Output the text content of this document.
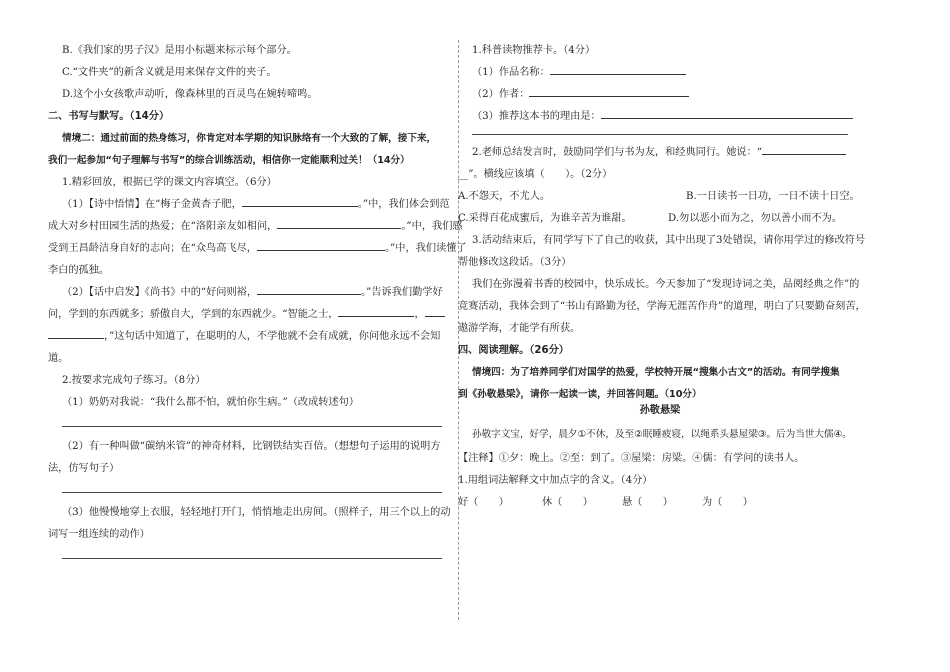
B.《我们家的男子汉》是用小标题来标示每个部分。
C.“文件夹”的新含义就是用来保存文件的夹子。
D.这个小女孩歌声动听，像森林里的百灵鸟在婉转啼鸣。
二、书写与默写。（14分）
情境二：通过前面的热身练习，你肯定对本学期的知识脉络有一个大致的了解，接下来，
我们一起参加“句子理解与书写”的综合训练活动，相信你一定能顺利过关！（14分）
1.精彩回放，根据已学的课文内容填空。（6分）
（1）【诗中悟情】在“梅子金黄杏子肥，	。”中，我们体会到范
成大对乡村田园生活的热爱；在“洛阳亲友如相问，	。”中，我们感
受到王昌龄洁身自好的志向；在“众鸟高飞尽，	。”中，我们读懂了
李白的孤独。
（2）【话中启发】《尚书》中的“好问则裕，	。”告诉我们勤学好
问，学到的东西就多；骄傲自大，学到的东西就少。“智能之士，	，
，”这句话中知道了，在聪明的人，不学他就不会有成就，你问他永远不会知
道。
2.按要求完成句子练习。（8分）
（1）奶奶对我说：“我什么都不怕，就怕你生病。”（改成转述句）
（2）有一种叫做“碳纳米管”的神奇材料，比钢铁结实百倍。（想想句子运用的说明方
法，仿写句子）
（3）他慢慢地穿上衣服，轻轻地打开门，悄悄地走出房间。（照样子，用三个以上的动
词写一组连续的动作）
1.科普读物推荐卡。（4分）
（1）作品名称：
（2）作者：
（3）推荐这本书的理由是：
2.老师总结发言时，鼓励同学们与书为友，和经典同行。她说：“
__”。横线应该填（　　）。（2分）
A.不怨天，不尤人。	B.一日读书一日功，一日不读十日空。
C.采得百花成蜜后，为谁辛苦为谁甜。	D.勿以恶小而为之，勿以善小而不为。
3.活动结束后，有同学写下了自己的收获，其中出现了3处错误，请你用学过的修改符号
帮他修改这段话。（3分）
我们在弥漫着书香的校园中，快乐成长。今天参加了“发现诗词之美，品阅经典之作”的
竞赛活动，我体会到了“书山有路勤为径，学海无涯苦作舟”的道理，明白了只要勤奋刻苦，
遨游学海，才能学有所获。
四、阅读理解。（26分）
情境四：为了培养同学们对国学的热爱，学校特开展“搜集小古文”的活动。有同学搜集
到《孙敬悬梁》，请你一起读一读，并回答问题。（10分）
孙敬悬梁
孙敬字文宝，好学，晨夕①不休，及至②眠睡疲寝，以绳系头悬屋梁③。后为当世大儒④。
【注释】①夕：晚上。②至：到了。③屋梁：房梁。④儒：有学问的读书人。
1.用组词法解释文中加点字的含义。（4分）
好（　　）	休（　　）	悬（　　）	为（　　）
